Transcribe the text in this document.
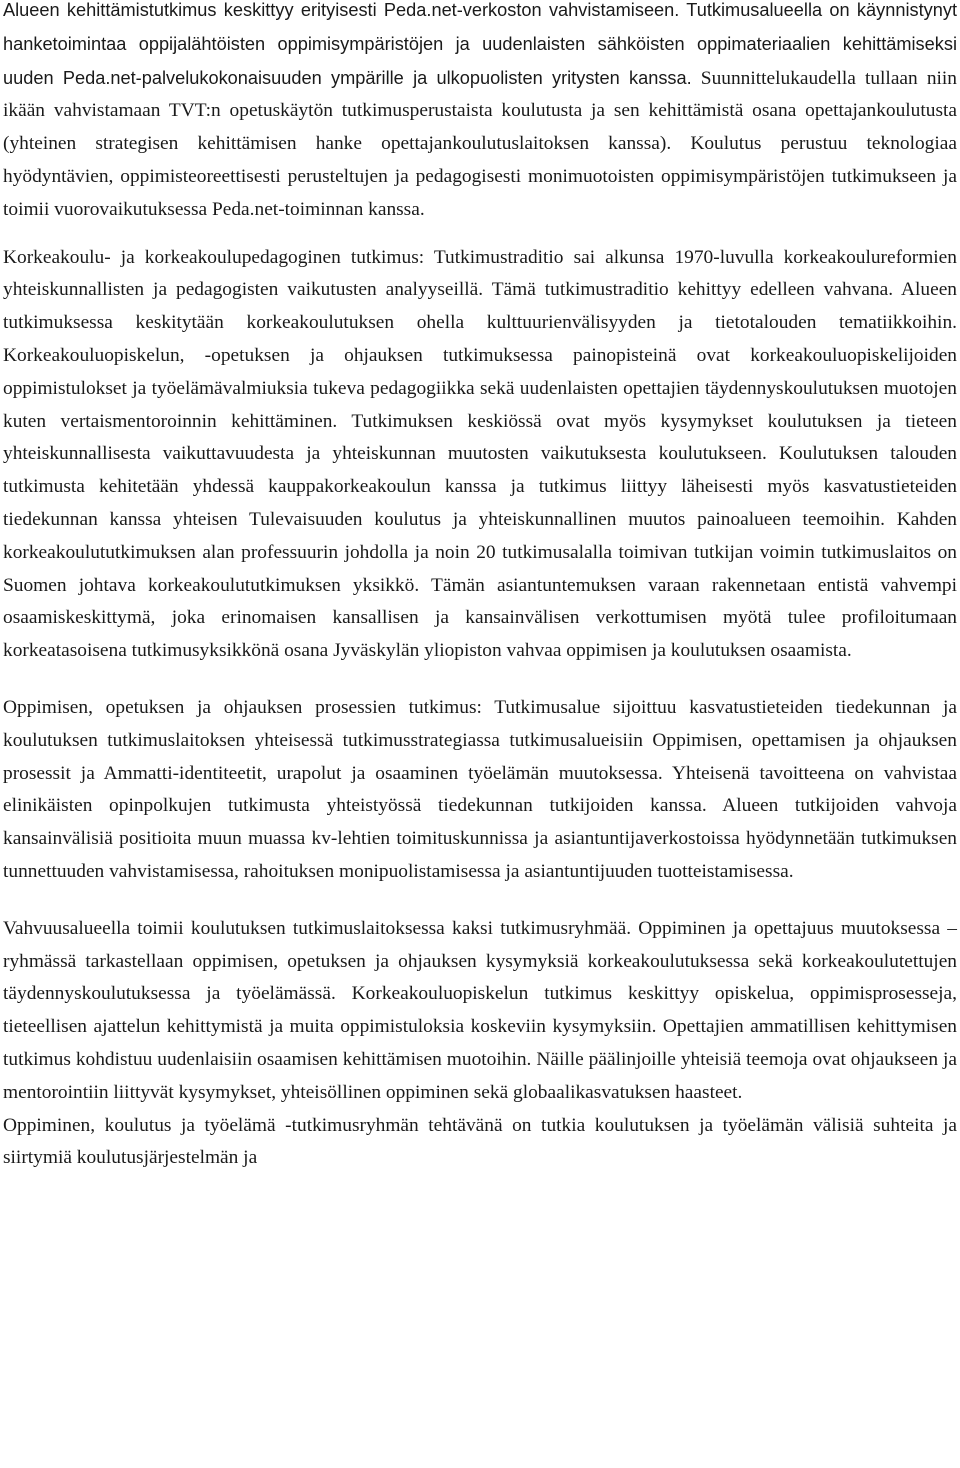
Alueen kehittämistutkimus keskittyy erityisesti Peda.net-verkoston vahvistamiseen. Tutkimusalueella on käynnistynyt hanketoimintaa oppijalähtöisten oppimisympäristöjen ja uudenlaisten sähköisten oppimateriaalien kehittämiseksi uuden Peda.net-palvelukokonaisuuden ympärille ja ulkopuolisten yritysten kanssa. Suunnittelukaudella tullaan niin ikään vahvistamaan TVT:n opetuskäytön tutkimusperustaista koulutusta ja sen kehittämistä osana opettajankoulutusta (yhteinen strategisen kehittämisen hanke opettajankoulutuslaitoksen kanssa). Koulutus perustuu teknologiaa hyödyntävien, oppimisteoreettisesti perusteltujen ja pedagogisesti monimuotoisten oppimisympäristöjen tutkimukseen ja toimii vuorovaikutuksessa Peda.net-toiminnan kanssa.

Korkeakoulu- ja korkeakoulupedagoginen tutkimus: Tutkimustraditio sai alkunsa 1970-luvulla korkeakoulureformien yhteiskunnallisten ja pedagogisten vaikutusten analyyseillä. Tämä tutkimustraditio kehittyy edelleen vahvana. Alueen tutkimuksessa keskitytään korkeakoulutuksen ohella kulttuurienvälisyyden ja tietotalouden tematiikkoihin. Korkeakouluopiskelun, -opetuksen ja ohjauksen tutkimuksessa painopisteinä ovat korkeakouluopiskelijoiden oppimistulokset ja työelämävalmiuksia tukeva pedagogiikka sekä uudenlaisten opettajien täydennyskoulutuksen muotojen kuten vertaismentoroinnin kehittäminen. Tutkimuksen keskiössä ovat myös kysymykset koulutuksen ja tieteen yhteiskunnallisesta vaikuttavuudesta ja yhteiskunnan muutosten vaikutuksesta koulutukseen. Koulutuksen talouden tutkimusta kehitetään yhdessä kauppakorkeakoulun kanssa ja tutkimus liittyy läheisesti myös kasvatustieteiden tiedekunnan kanssa yhteisen Tulevaisuuden koulutus ja yhteiskunnallinen muutos painoalueen teemoihin. Kahden korkeakoulututkimuksen alan professuurin johdolla ja noin 20 tutkimusalalla toimivan tutkijan voimin tutkimuslaitos on Suomen johtava korkeakoulututkimuksen yksikkö. Tämän asiantuntemuksen varaan rakennetaan entistä vahvempi osaamiskeskittymä, joka erinomaisen kansallisen ja kansainvälisen verkottumisen myötä tulee profiloitumaan korkeatasoisena tutkimusyksikkönä osana Jyväskylän yliopiston vahvaa oppimisen ja koulutuksen osaamista.

Oppimisen, opetuksen ja ohjauksen prosessien tutkimus: Tutkimusalue sijoittuu kasvatustieteiden tiedekunnan ja koulutuksen tutkimuslaitoksen yhteisessä tutkimusstrategiassa tutkimusalueisiin Oppimisen, opettamisen ja ohjauksen prosessit ja Ammatti-identiteetit, urapolut ja osaaminen työelämän muutoksessa. Yhteisenä tavoitteena on vahvistaa elinikäisten opinpolkujen tutkimusta yhteistyössä tiedekunnan tutkijoiden kanssa. Alueen tutkijoiden vahvoja kansainvälisiä positioita muun muassa kv-lehtien toimituskunnissa ja asiantuntijaverkostoissa hyödynnetään tutkimuksen tunnettuuden vahvistamisessa, rahoituksen monipuolistamisessa ja asiantuntijuuden tuotteistamisessa.

Vahvuusalueella toimii koulutuksen tutkimuslaitoksessa kaksi tutkimusryhmää. Oppiminen ja opettajuus muutoksessa –ryhmässä tarkastellaan oppimisen, opetuksen ja ohjauksen kysymyksiä korkeakoulutuksessa sekä korkeakoulutettujen täydennyskoulutuksessa ja työelämässä. Korkeakouluopiskelun tutkimus keskittyy opiskelua, oppimisprosesseja, tieteellisen ajattelun kehittymistä ja muita oppimistuloksia koskeviin kysymyksiin. Opettajien ammatillisen kehittymisen tutkimus kohdistuu uudenlaisiin osaamisen kehittämisen muotoihin. Näille päälinjoille yhteisiä teemoja ovat ohjaukseen ja mentorointiin liittyvät kysymykset, yhteisöllinen oppiminen sekä globaalikasvatuksen haasteet.

Oppiminen, koulutus ja työelämä -tutkimusryhmän tehtävänä on tutkia koulutuksen ja työelämän välisiä suhteita ja siirtymiä koulutusjärjestelmän ja
